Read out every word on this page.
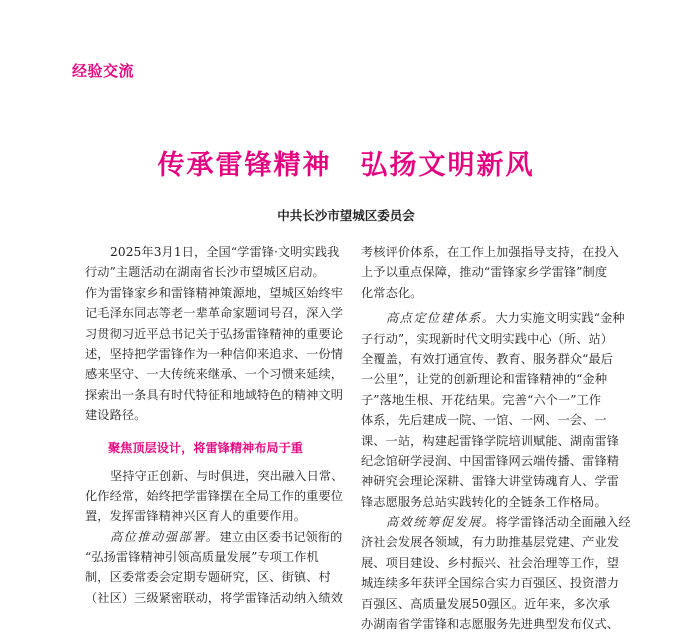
经验交流
传承雷锋精神　弘扬文明新风
中共长沙市望城区委员会
2025年3月1日，全国“学雷锋·文明实践我
行动”主题活动在湖南省长沙市望城区启动。
作为雷锋家乡和雷锋精神策源地，望城区始终牢
记毛泽东同志等老一辈革命家题词号召，深入学
习贯彻习近平总书记关于弘扬雷锋精神的重要论
述，坚持把学雷锋作为一种信仰来追求、一份情
感来坚守、一大传统来继承、一个习惯来延续，
探索出一条具有时代特征和地域特色的精神文明
建设路径。
聚焦顶层设计，将雷锋精神布局于重
坚持守正创新、与时俱进，突出融入日常、
化作经常，始终把学雷锋摆在全局工作的重要位
置，发挥雷锋精神兴区育人的重要作用。
高位推动强部署。建立由区委书记领衔的
“弘扬雷锋精神引领高质量发展”专项工作机
制，区委常委会定期专题研究，区、街镇、村
（社区）三级紧密联动，将学雷锋活动纳入绩效
考核评价体系，在工作上加强指导支持，在投入
上予以重点保障，推动“雷锋家乡学雷锋”制度
化常态化。
高点定位建体系。大力实施文明实践“金种
子行动”，实现新时代文明实践中心（所、站）
全覆盖，有效打通宣传、教育、服务群众“最后
一公里”，让党的创新理论和雷锋精神的“金种
子”落地生根、开花结果。完善“六个一”工作
体系，先后建成一院、一馆、一网、一会、一
课、一站，构建起雷锋学院培训赋能、湖南雷锋
纪念馆研学浸润、中国雷锋网云端传播、雷锋精
神研究会理论深耕、雷锋大讲堂铸魂育人、学雷
锋志愿服务总站实践转化的全链条工作格局。
高效统筹促发展。将学雷锋活动全面融入经
济社会发展各领域，有力助推基层党建、产业发
展、项目建设、乡村振兴、社会治理等工作，望
城连续多年获评全国综合实力百强区、投资潜力
百强区、高质量发展50强区。近年来，多次承
办湖南省学雷锋和志愿服务先进典型发布仪式、
